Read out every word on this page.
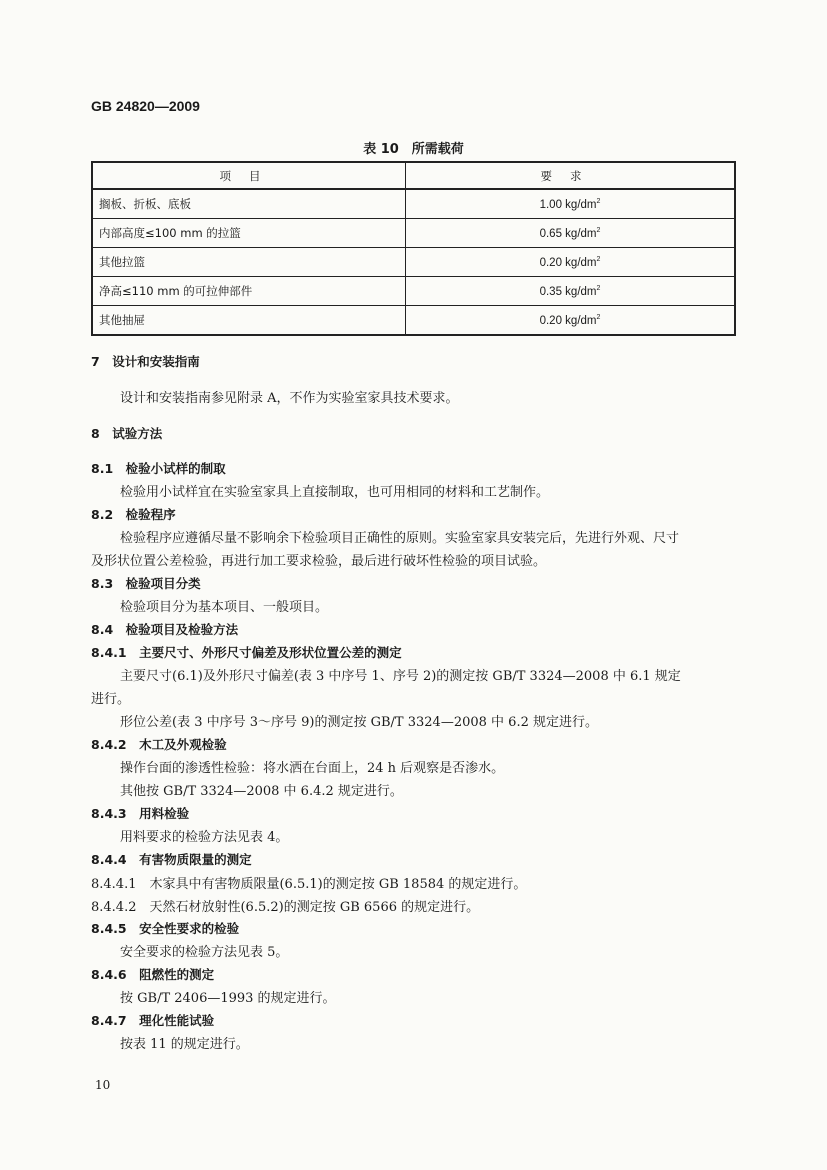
GB 24820—2009
表 10　所需载荷
项目	要求
搁板、折板、底板	1.00 $kg/dm^2$
内部高度≤100 mm 的拉篮	0.65 $kg/dm^2$
其他拉篮	0.20 $kg/dm^2$
净高≤110 mm 的可拉伸部件	0.35 $kg/dm^2$
其他抽屉	0.20 $kg/dm^2$
7　设计和安装指南
设计和安装指南参见附录 A，不作为实验室家具技术要求。
8　试验方法
8.1　检验小试样的制取
检验用小试样宜在实验室家具上直接制取，也可用相同的材料和工艺制作。
8.2　检验程序
检验程序应遵循尽量不影响余下检验项目正确性的原则。实验室家具安装完后，先进行外观、尺寸
及形状位置公差检验，再进行加工要求检验，最后进行破坏性检验的项目试验。
8.3　检验项目分类
检验项目分为基本项目、一般项目。
8.4　检验项目及检验方法
8.4.1　主要尺寸、外形尺寸偏差及形状位置公差的测定
主要尺寸(6.1)及外形尺寸偏差(表 3 中序号 1、序号 2)的测定按 GB/T 3324—2008 中 6.1 规定
进行。
形位公差(表 3 中序号 3～序号 9)的测定按 GB/T 3324—2008 中 6.2 规定进行。
8.4.2　木工及外观检验
操作台面的渗透性检验：将水洒在台面上，24 h 后观察是否渗水。
其他按 GB/T 3324—2008 中 6.4.2 规定进行。
8.4.3　用料检验
用料要求的检验方法见表 4。
8.4.4　有害物质限量的测定
8.4.4.1　木家具中有害物质限量(6.5.1)的测定按 GB 18584 的规定进行。
8.4.4.2　天然石材放射性(6.5.2)的测定按 GB 6566 的规定进行。
8.4.5　安全性要求的检验
安全要求的检验方法见表 5。
8.4.6　阻燃性的测定
按 GB/T 2406—1993 的规定进行。
8.4.7　理化性能试验
按表 11 的规定进行。
10
